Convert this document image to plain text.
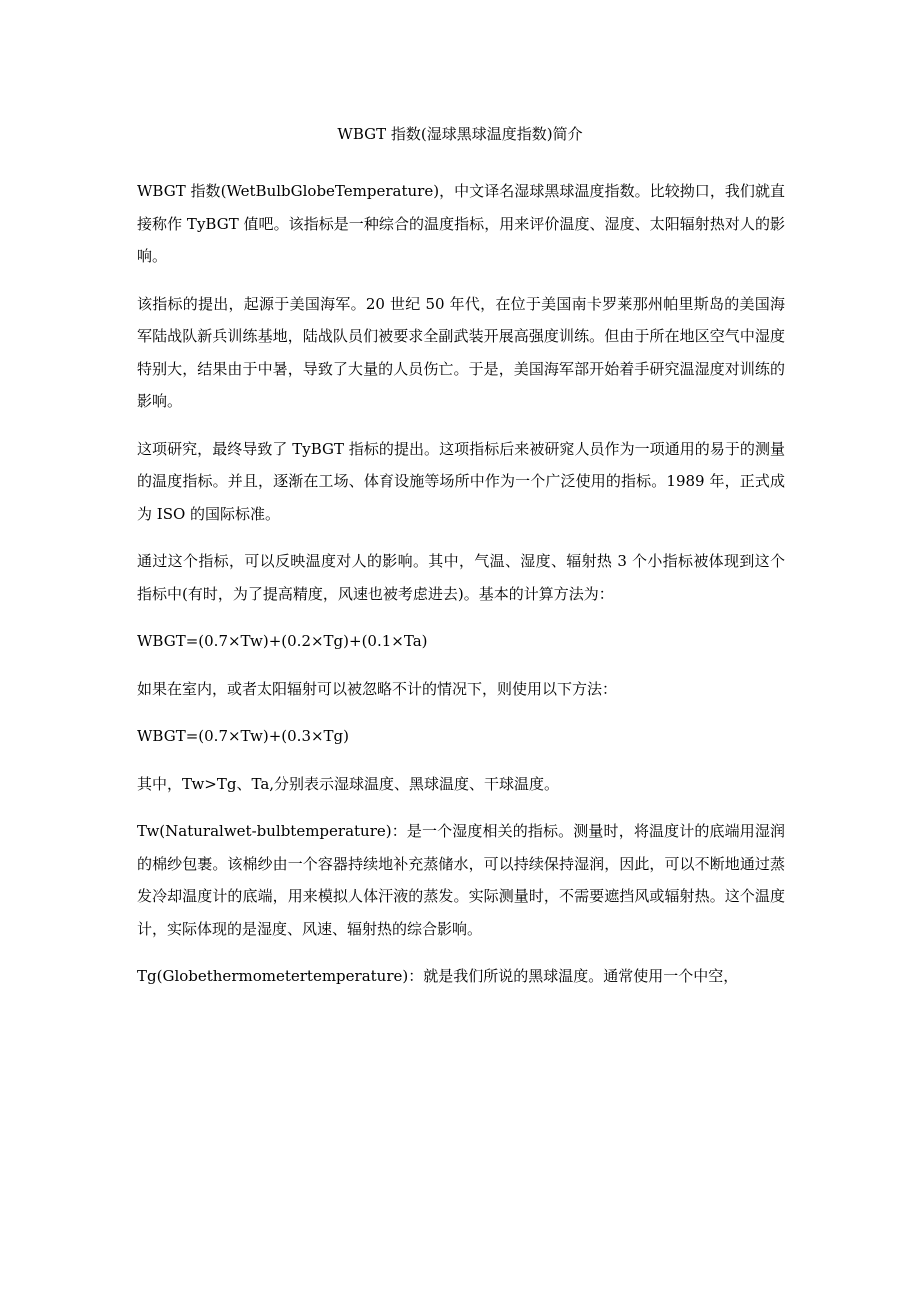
WBGT 指数(湿球黑球温度指数)简介

WBGT 指数(WetBulbGlobeTemperature)，中文译名湿球黑球温度指数。比较拗口，我们就直接称作 TyBGT 值吧。该指标是一种综合的温度指标，用来评价温度、湿度、太阳辐射热对人的影响。

该指标的提出，起源于美国海军。20 世纪 50 年代，在位于美国南卡罗莱那州帕里斯岛的美国海军陆战队新兵训练基地，陆战队员们被要求全副武装开展高强度训练。但由于所在地区空气中湿度特别大，结果由于中暑，导致了大量的人员伤亡。于是，美国海军部开始着手研究温湿度对训练的影响。

这项研究，最终导致了 TyBGT 指标的提出。这项指标后来被研窕人员作为一项通用的易于的测量的温度指标。并且，逐渐在工场、体育设施等场所中作为一个广泛使用的指标。1989 年，正式成为 ISO 的国际标准。

通过这个指标，可以反映温度对人的影响。其中，气温、湿度、辐射热 3 个小指标被体现到这个指标中(有时，为了提高精度，风速也被考虑进去)。基本的计算方法为：

WBGT=(0.7×Tw)+(0.2×Tg)+(0.1×Ta)

如果在室内，或者太阳辐射可以被忽略不计的情况下，则使用以下方法：

WBGT=(0.7×Tw)+(0.3×Tg)

其中，Tw>Tg、Ta,分别表示湿球温度、黑球温度、干球温度。

Tw(Naturalwet-bulbtemperature)：是一个湿度相关的指标。测量时，将温度计的底端用湿润的棉纱包裹。该棉纱由一个容器持续地补充蒸储水，可以持续保持湿润，因此，可以不断地通过蒸发冷却温度计的底端，用来模拟人体汗液的蒸发。实际测量时，不需要遮挡风或辐射热。这个温度计，实际体现的是湿度、风速、辐射热的综合影响。

Tg(Globethermometertemperature)：就是我们所说的黑球温度。通常使用一个中空，
